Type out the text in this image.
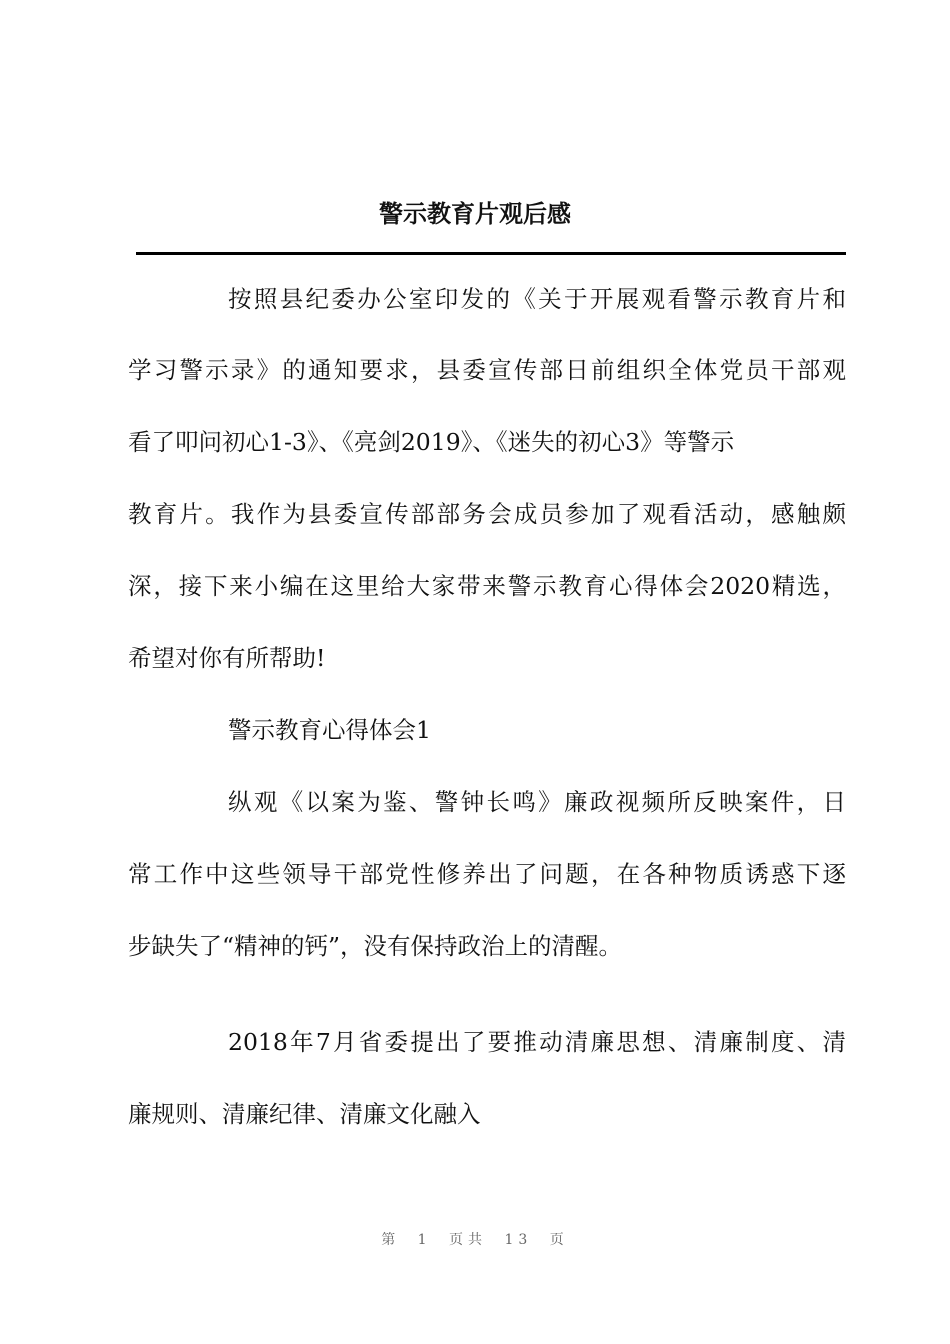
警示教育片观后感

按照县纪委办公室印发的《关于开展观看警示教育片和

学习警示录》的通知要求，县委宣传部日前组织全体党员干部观

看了叩问初心1-3》、《亮剑2019》、《迷失的初心3》等警示

教育片。我作为县委宣传部部务会成员参加了观看活动，感触颇

深，接下来小编在这里给大家带来警示教育心得体会2020精选，

希望对你有所帮助!

警示教育心得体会1

纵观《以案为鉴、警钟长鸣》廉政视频所反映案件，日

常工作中这些领导干部党性修养出了问题，在各种物质诱惑下逐

步缺失了“精神的钙”，没有保持政治上的清醒。

2018年7月省委提出了要推动清廉思想、清廉制度、清

廉规则、清廉纪律、清廉文化融入

第 1 页共 13 页
